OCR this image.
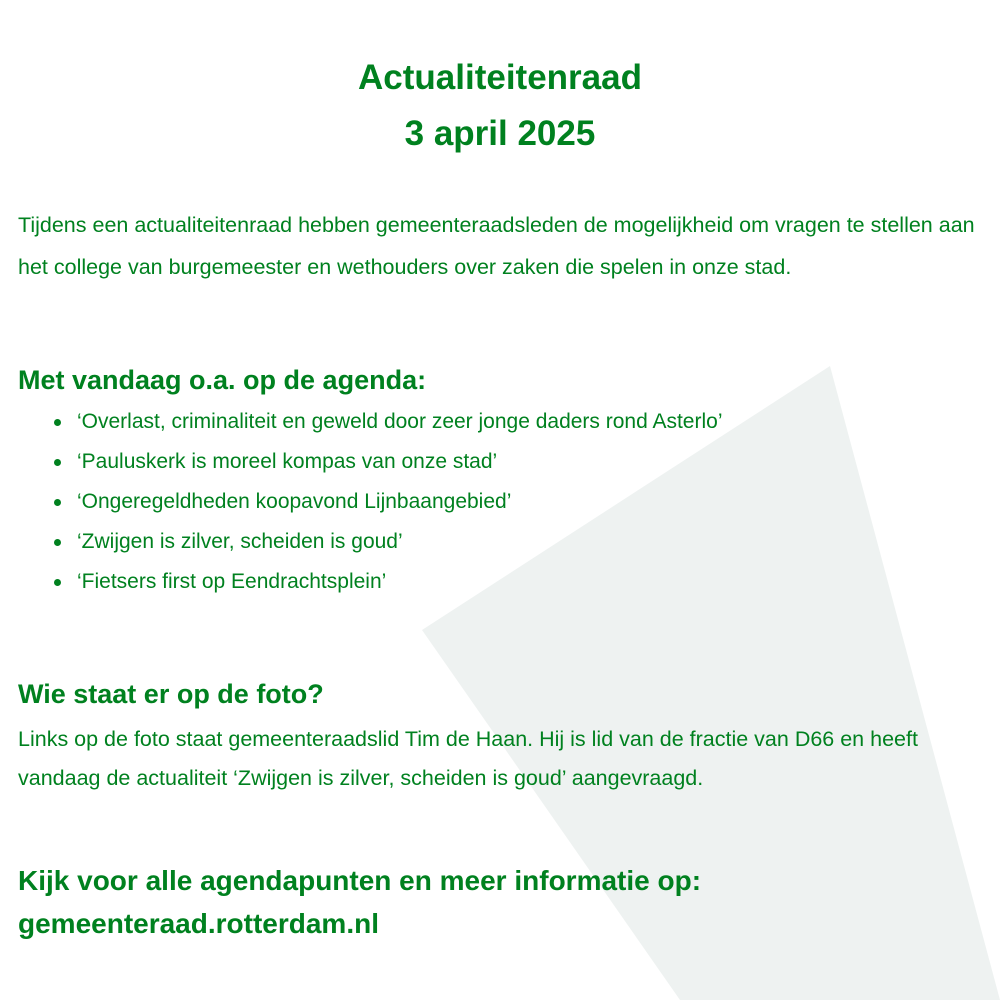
Actualiteitenraad
3 april 2025
Tijdens een actualiteitenraad hebben gemeenteraadsleden de mogelijkheid om vragen te stellen aan het college van burgemeester en wethouders over zaken die spelen in onze stad.
Met vandaag o.a. op de agenda:
‘Overlast, criminaliteit en geweld door zeer jonge daders rond Asterlo’
‘Pauluskerk is moreel kompas van onze stad’
‘Ongeregeldheden koopavond Lijnbaangebied’
‘Zwijgen is zilver, scheiden is goud’
‘Fietsers first op Eendrachtsplein’
Wie staat er op de foto?
Links op de foto staat gemeenteraadslid Tim de Haan. Hij is lid van de fractie van D66 en heeft vandaag de actualiteit ‘Zwijgen is zilver, scheiden is goud’ aangevraagd.
Kijk voor alle agendapunten en meer informatie op:
gemeenteraad.rotterdam.nl
